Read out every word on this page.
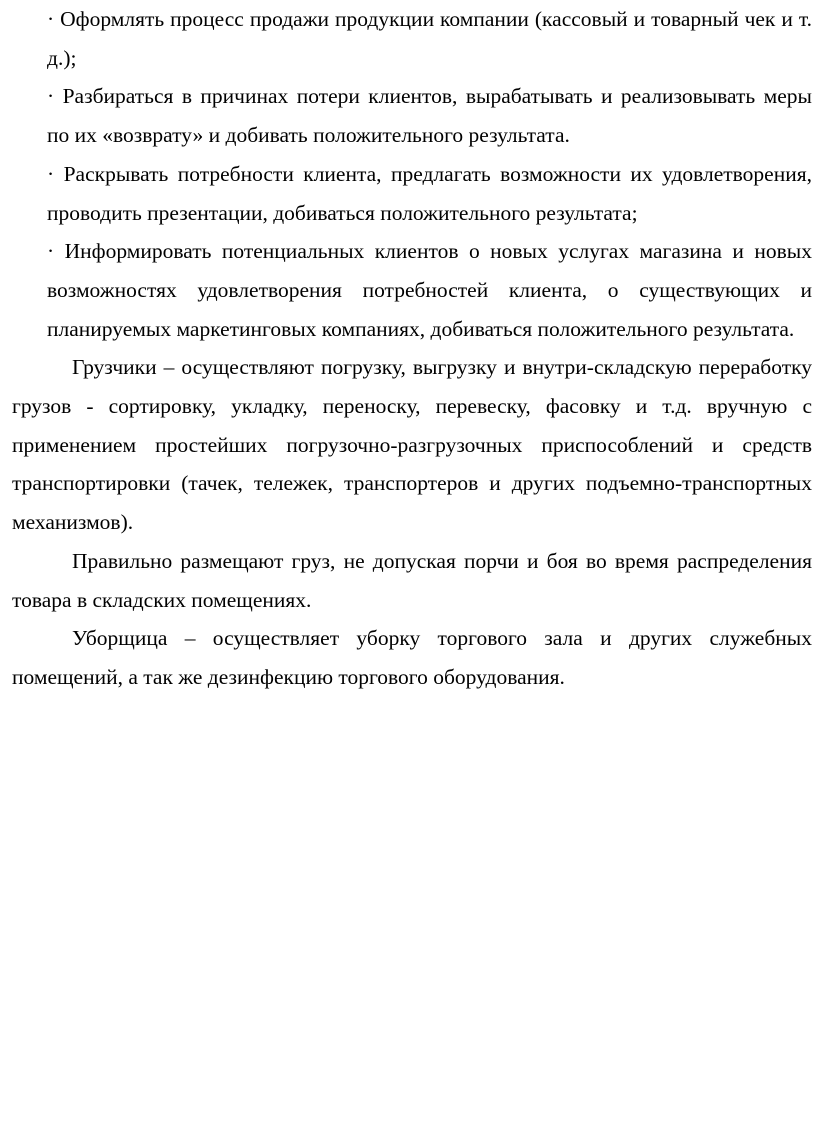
· Оформлять процесс продажи продукции компании (кассовый и товарный чек и т. д.);

· Разбираться в причинах потери клиентов, вырабатывать и реализовывать меры по их «возврату» и добивать положительного результата.

· Раскрывать потребности клиента, предлагать возможности их удовлетворения, проводить презентации, добиваться положительного результата;

· Информировать потенциальных клиентов о новых услугах магазина и новых возможностях удовлетворения потребностей клиента, о существующих и планируемых маркетинговых компаниях, добиваться положительного результата.

Грузчики – осуществляют погрузку, выгрузку и внутри-складскую переработку грузов - сортировку, укладку, переноску, перевеску, фасовку и т.д. вручную с применением простейших погрузочно-разгрузочных приспособлений и средств транспортировки (тачек, тележек, транспортеров и других подъемно-транспортных механизмов).

Правильно размещают груз, не допуская порчи и боя во время распределения товара в складских помещениях.

Уборщица – осуществляет уборку торгового зала и других служебных помещений, а так же дезинфекцию торгового оборудования.
